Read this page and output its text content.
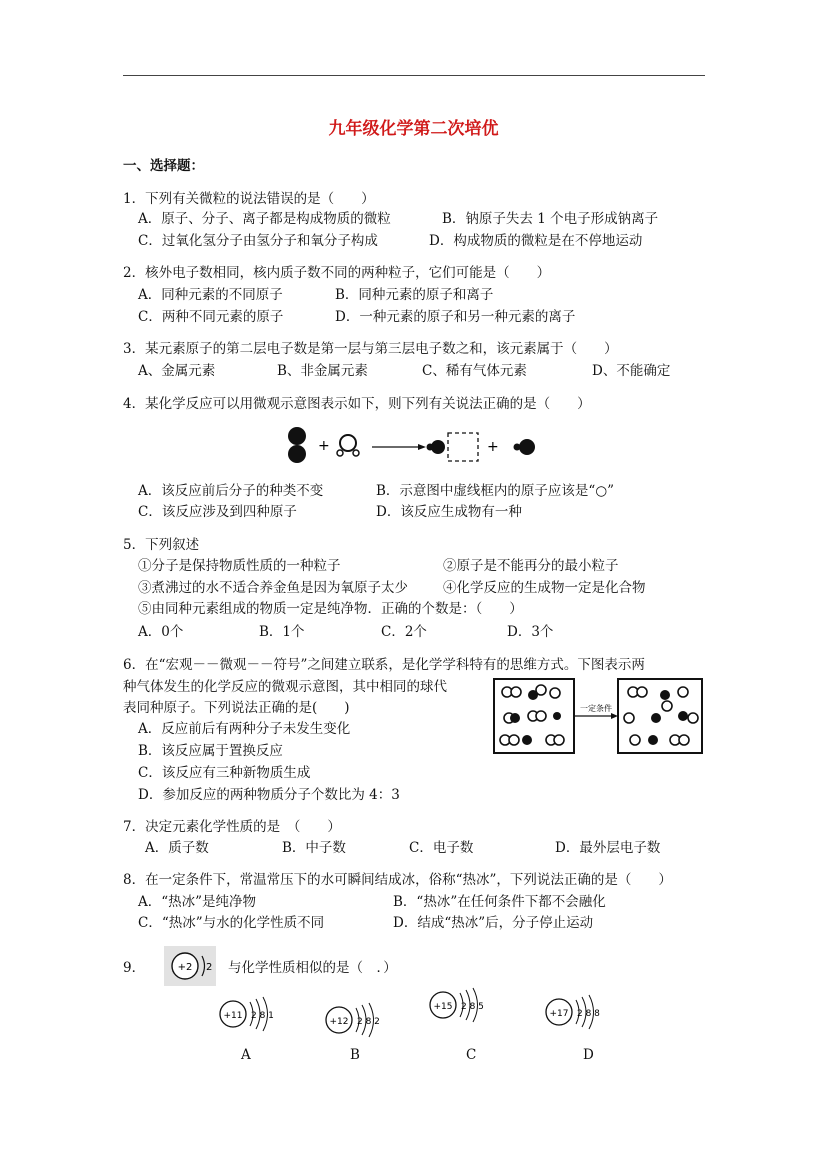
九年级化学第二次培优
一、选择题：
1．下列有关微粒的说法错误的是（　　）
A．原子、分子、离子都是构成物质的微粒	B．钠原子失去 1 个电子形成钠离子
C．过氧化氢分子由氢分子和氧分子构成	D．构成物质的微粒是在不停地运动
2．核外电子数相同，核内质子数不同的两种粒子，它们可能是（　　）
A．同种元素的不同原子	B．同种元素的原子和离子
C．两种不同元素的原子	D．一种元素的原子和另一种元素的离子
3．某元素原子的第二层电子数是第一层与第三层电子数之和，该元素属于（　　）
A、金属元素	B、非金属元素	C、稀有气体元素	D、不能确定
4．某化学反应可以用微观示意图表示如下，则下列有关说法正确的是（　　）
+	+
A．该反应前后分子的种类不变	B．示意图中虚线框内的原子应该是“○”
C．该反应涉及到四种原子	D．该反应生成物有一种
5．下列叙述
①分子是保持物质性质的一种粒子	②原子是不能再分的最小粒子
③煮沸过的水不适合养金鱼是因为氧原子太少	④化学反应的生成物一定是化合物
⑤由同种元素组成的物质一定是纯净物．正确的个数是：（　　）
A．0个	B．1个	C．2个	D．3个
6．在“宏观－－微观－－符号”之间建立联系，是化学学科特有的思维方式。下图表示两
种气体发生的化学反应的微观示意图，其中相同的球代
表同种原子。下列说法正确的是(　　)
A．反应前后有两种分子未发生变化
B．该反应属于置换反应
C．该反应有三种新物质生成
D．参加反应的两种物质分子个数比为 4：3
一定条件
7．决定元素化学性质的是　（　　）
A．质子数	B．中子数	C．电子数	D．最外层电子数
8．在一定条件下，常温常压下的水可瞬间结成冰，俗称“热冰”，下列说法正确的是（　　）
A．“热冰”是纯净物	B．“热冰”在任何条件下都不会融化
C．“热冰”与水的化学性质不同	D．结成“热冰”后，分子停止运动
9．	+2 2 与化学性质相似的是（　．）
+11 2 8 1
A
+12 2 8 2
B
+15 2 8 5
C
+17 2 8 8
D
